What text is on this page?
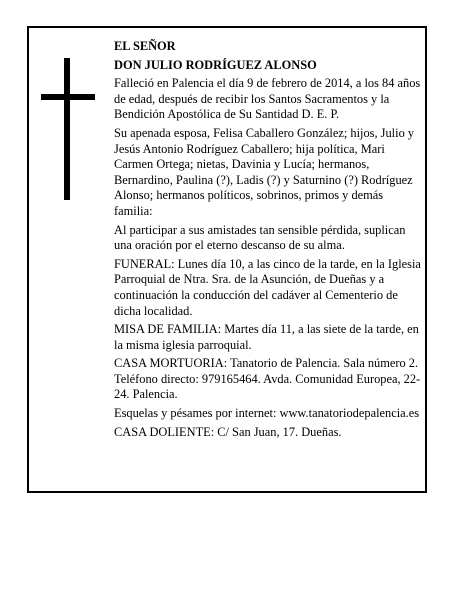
EL SEÑOR

DON JULIO RODRÍGUEZ ALONSO

Falleció en Palencia el día 9 de febrero de 2014, a los 84 años de edad, después de recibir los Santos Sacramentos y la Bendición Apostólica de Su Santidad D. E. P.

Su apenada esposa, Felisa Caballero González; hijos, Julio y Jesús Antonio Rodríguez Caballero; hija política, Mari Carmen Ortega; nietas, Davinia y Lucía; hermanos, Bernardino, Paulina (?), Ladis (?) y Saturnino (?) Rodríguez Alonso; hermanos políticos, sobrinos, primos y demás familia:

Al participar a sus amistades tan sensible pérdida, suplican una oración por el eterno descanso de su alma.

FUNERAL: Lunes día 10, a las cinco de la tarde, en la Iglesia Parroquial de Ntra. Sra. de la Asunción, de Dueñas y a continuación la conducción del cadáver al Cementerio de dicha localidad.

MISA DE FAMILIA: Martes día 11, a las siete de la tarde, en la misma iglesia parroquial.

CASA MORTUORIA: Tanatorio de Palencia. Sala número 2. Teléfono directo: 979165464. Avda. Comunidad Europea, 22-24. Palencia.

Esquelas y pésames por internet: www.tanatoriodepalencia.es

CASA DOLIENTE: C/ San Juan, 17. Dueñas.
